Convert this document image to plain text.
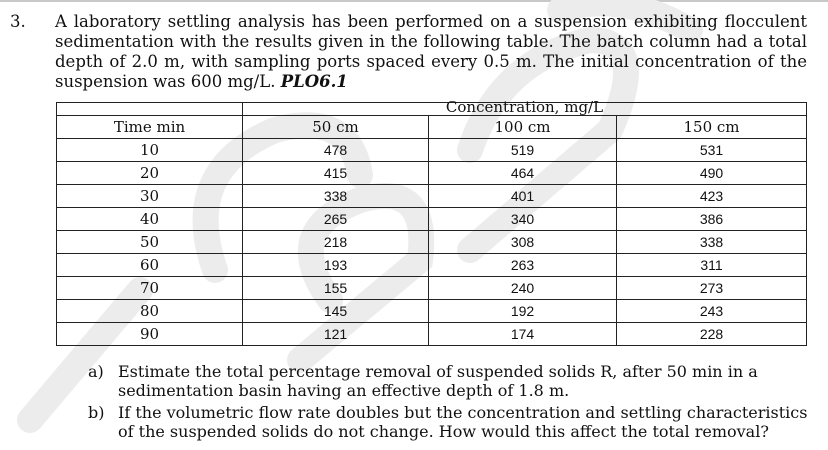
3. A laboratory settling analysis has been performed on a suspension exhibiting flocculent sedimentation with the results given in the following table. The batch column had a total depth of 2.0 m, with sampling ports spaced every 0.5 m. The initial concentration of the suspension was 600 mg/L. PLO6.1
	Concentration, mg/L		
Time min	50 cm	100 cm	150 cm
10	478	519	531
20	415	464	490
30	338	401	423
40	265	340	386
50	218	308	338
60	193	263	311
70	155	240	273
80	145	192	243
90	121	174	228
a) Estimate the total percentage removal of suspended solids R, after 50 min in a sedimentation basin having an effective depth of 1.8 m.
b) If the volumetric flow rate doubles but the concentration and settling characteristics of the suspended solids do not change. How would this affect the total removal?
